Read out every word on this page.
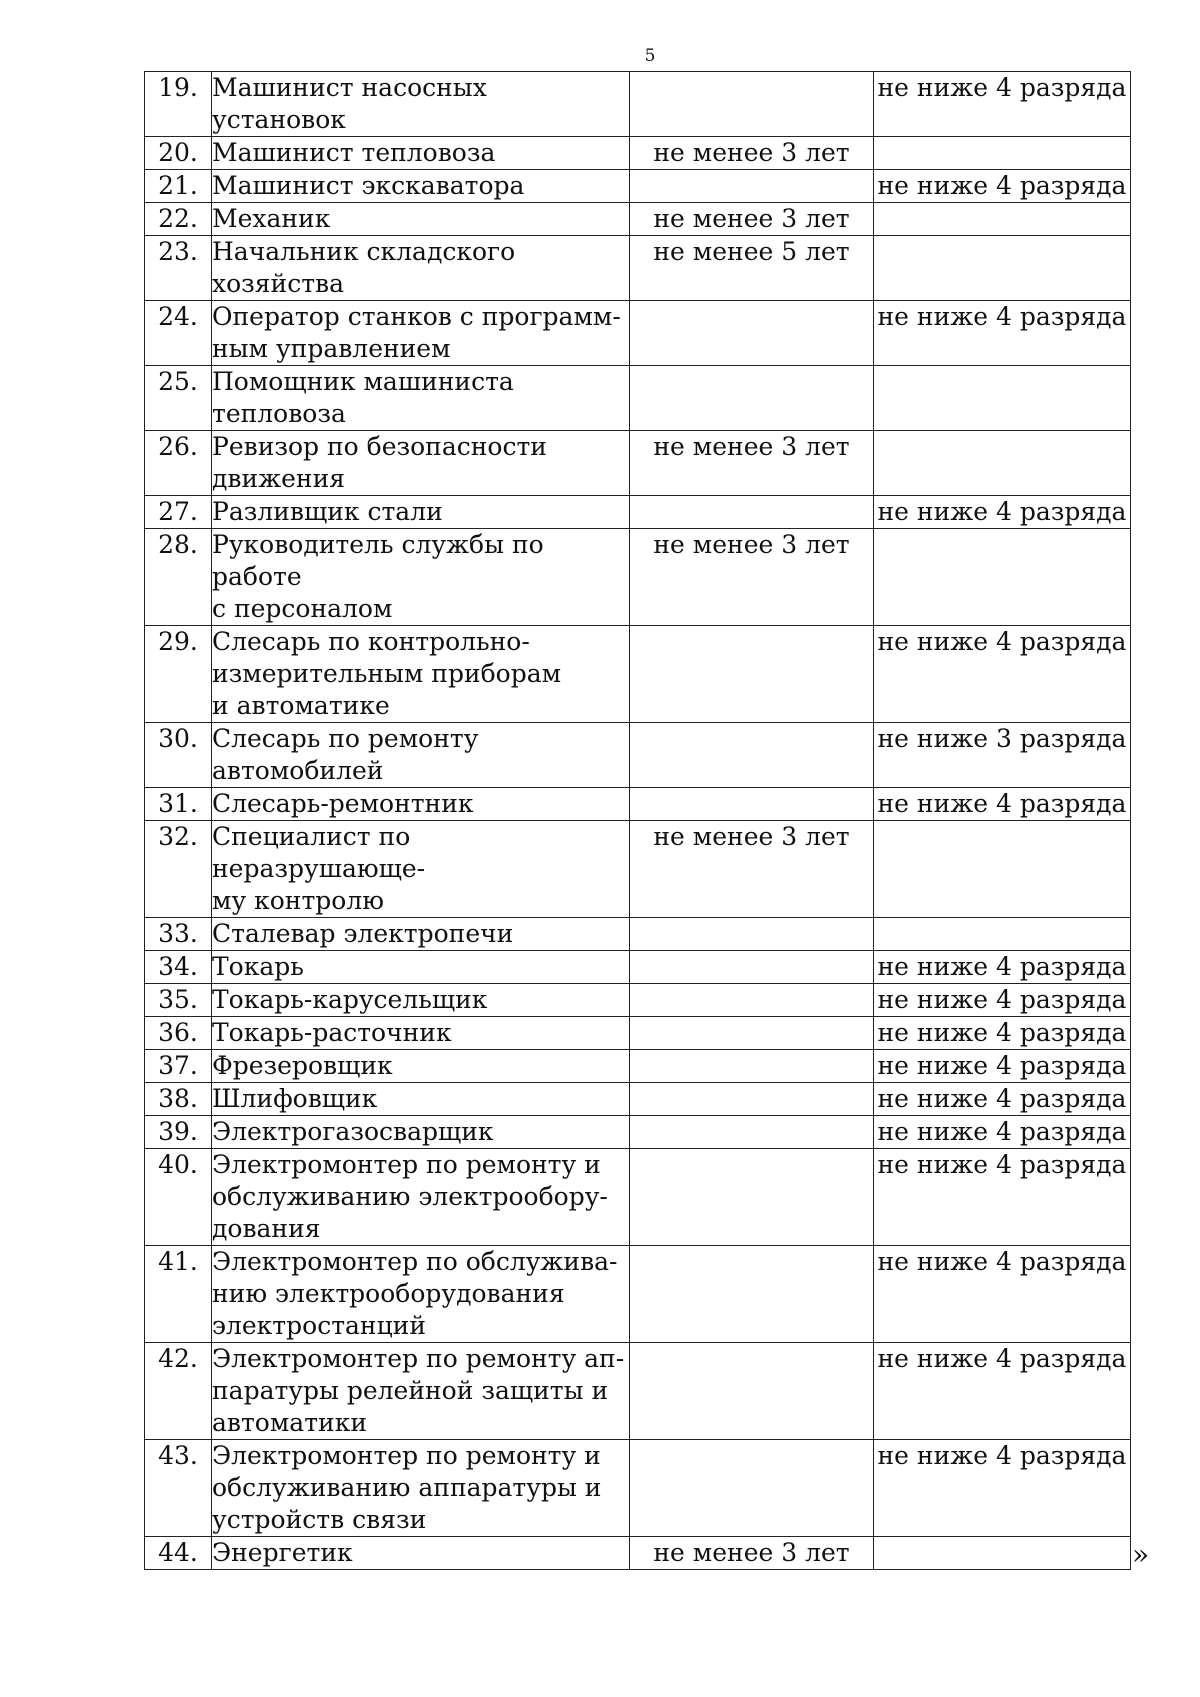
5
19.	Машинист насосных
установок		не ниже 4 разряда
20.	Машинист тепловоза	не менее 3 лет	
21.	Машинист экскаватора		не ниже 4 разряда
22.	Механик	не менее 3 лет	
23.	Начальник складского
хозяйства	не менее 5 лет	
24.	Оператор станков с программ-
ным управлением		не ниже 4 разряда
25.	Помощник машиниста
тепловоза		
26.	Ревизор по безопасности
движения	не менее 3 лет	
27.	Разливщик стали		не ниже 4 разряда
28.	Руководитель службы по работе
с персоналом	не менее 3 лет	
29.	Слесарь по контрольно-
измерительным приборам
и автоматике		не ниже 4 разряда
30.	Слесарь по ремонту
автомобилей		не ниже 3 разряда
31.	Слесарь-ремонтник		не ниже 4 разряда
32.	Специалист по неразрушающе-
му контролю	не менее 3 лет	
33.	Сталевар электропечи		
34.	Токарь		не ниже 4 разряда
35.	Токарь-карусельщик		не ниже 4 разряда
36.	Токарь-расточник		не ниже 4 разряда
37.	Фрезеровщик		не ниже 4 разряда
38.	Шлифовщик		не ниже 4 разряда
39.	Электрогазосварщик		не ниже 4 разряда
40.	Электромонтер по ремонту и
обслуживанию электрообору-
дования		не ниже 4 разряда
41.	Электромонтер по обслужива-
нию электрооборудования
электростанций		не ниже 4 разряда
42.	Электромонтер по ремонту ап-
паратуры релейной защиты и
автоматики		не ниже 4 разряда
43.	Электромонтер по ремонту и
обслуживанию аппаратуры и
устройств связи		не ниже 4 разряда
44.	Энергетик	не менее 3 лет		»
